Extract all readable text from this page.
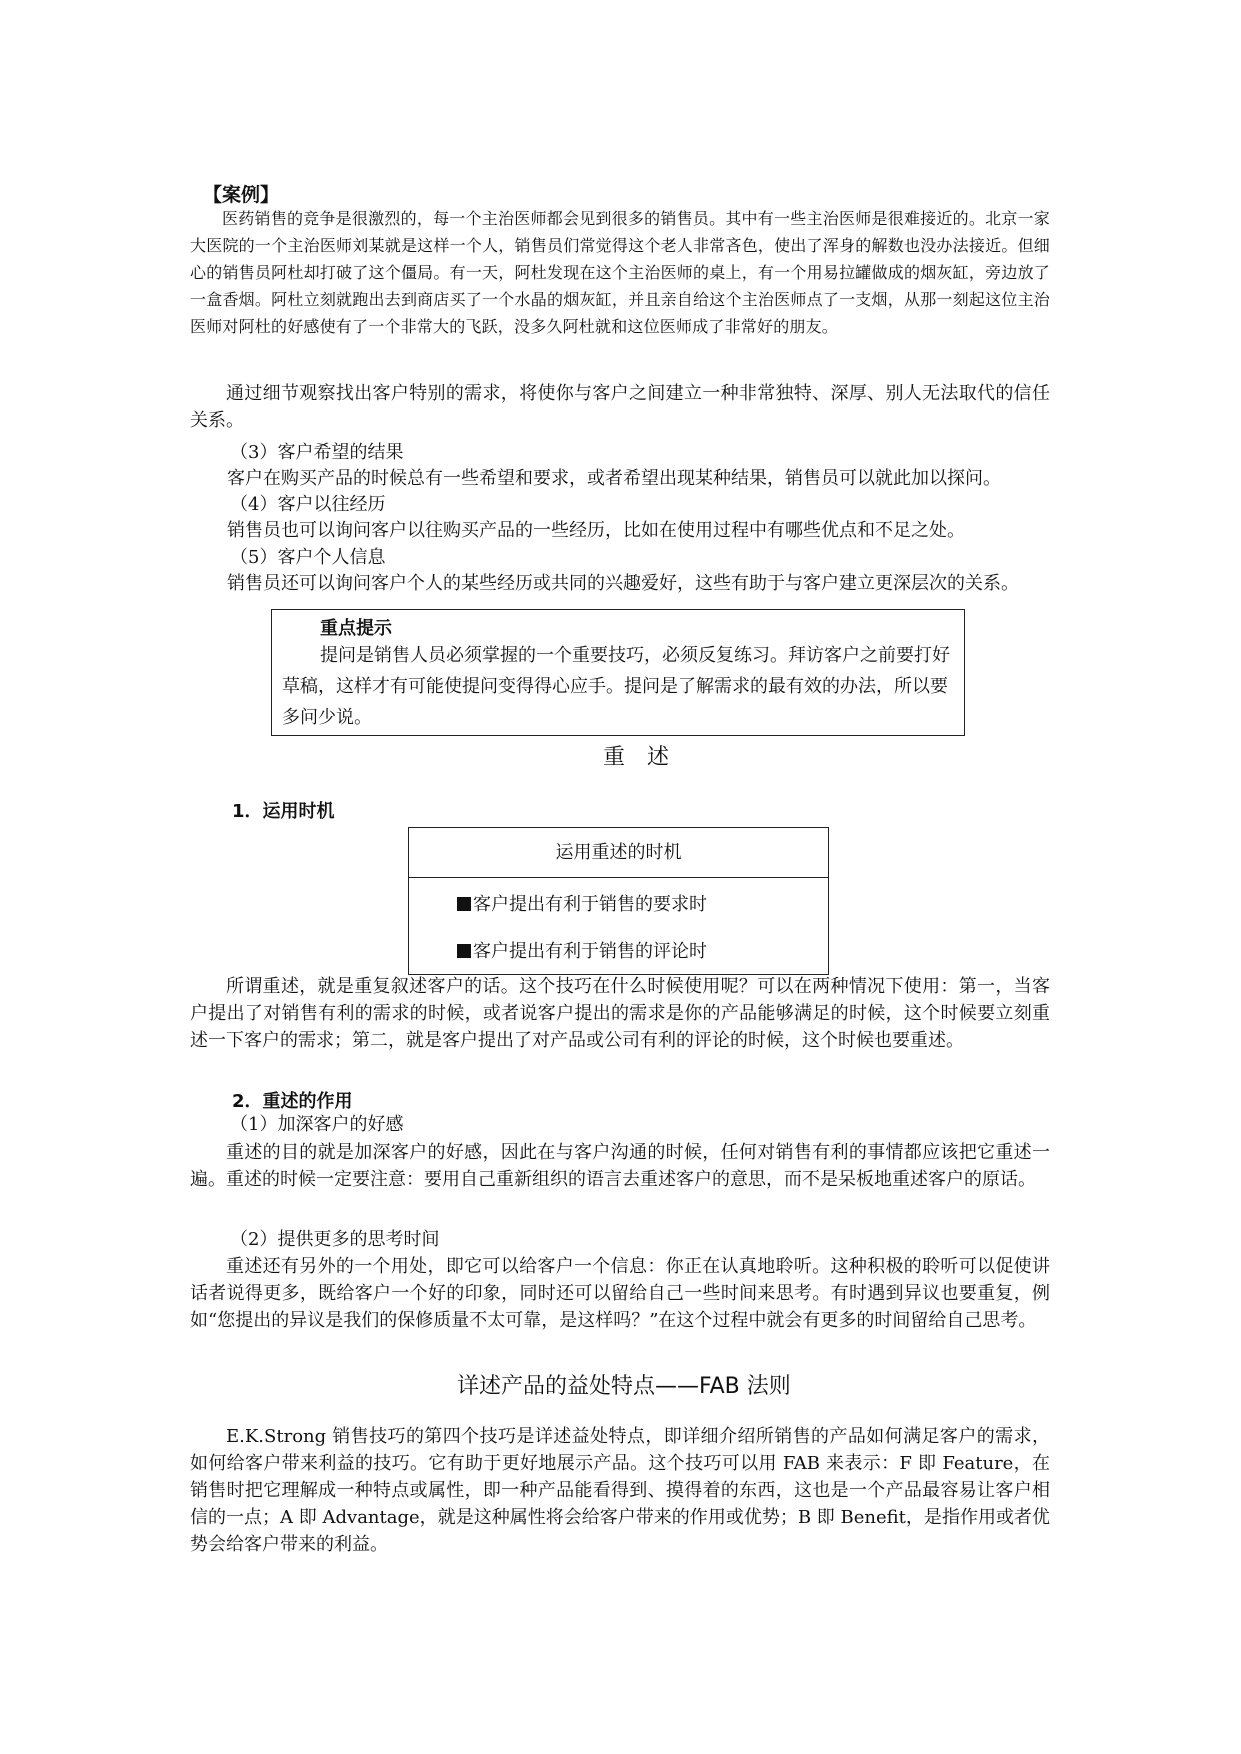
【案例】
医药销售的竞争是很激烈的，每一个主治医师都会见到很多的销售员。其中有一些主治医师是很难接近的。北京一家大医院的一个主治医师刘某就是这样一个人，销售员们常觉得这个老人非常吝色，使出了浑身的解数也没办法接近。但细心的销售员阿杜却打破了这个僵局。有一天，阿杜发现在这个主治医师的桌上，有一个用易拉罐做成的烟灰缸，旁边放了一盒香烟。阿杜立刻就跑出去到商店买了一个水晶的烟灰缸，并且亲自给这个主治医师点了一支烟，从那一刻起这位主治医师对阿杜的好感使有了一个非常大的飞跃，没多久阿杜就和这位医师成了非常好的朋友。
通过细节观察找出客户特别的需求，将使你与客户之间建立一种非常独特、深厚、别人无法取代的信任关系。
（3）客户希望的结果
客户在购买产品的时候总有一些希望和要求，或者希望出现某种结果，销售员可以就此加以探问。
（4）客户以往经历
销售员也可以询问客户以往购买产品的一些经历，比如在使用过程中有哪些优点和不足之处。
（5）客户个人信息
销售员还可以询问客户个人的某些经历或共同的兴趣爱好，这些有助于与客户建立更深层次的关系。
重点提示
提问是销售人员必须掌握的一个重要技巧，必须反复练习。拜访客户之前要打好草稿，这样才有可能使提问变得得心应手。提问是了解需求的最有效的办法，所以要多问少说。
重　述
1．运用时机
运用重述的时机
客户提出有利于销售的要求时
客户提出有利于销售的评论时
所谓重述，就是重复叙述客户的话。这个技巧在什么时候使用呢？可以在两种情况下使用：第一，当客户提出了对销售有利的需求的时候，或者说客户提出的需求是你的产品能够满足的时候，这个时候要立刻重述一下客户的需求；第二，就是客户提出了对产品或公司有利的评论的时候，这个时候也要重述。
2．重述的作用
（1）加深客户的好感
重述的目的就是加深客户的好感，因此在与客户沟通的时候，任何对销售有利的事情都应该把它重述一遍。重述的时候一定要注意：要用自己重新组织的语言去重述客户的意思，而不是呆板地重述客户的原话。
（2）提供更多的思考时间
重述还有另外的一个用处，即它可以给客户一个信息：你正在认真地聆听。这种积极的聆听可以促使讲话者说得更多，既给客户一个好的印象，同时还可以留给自己一些时间来思考。有时遇到异议也要重复，例如“您提出的异议是我们的保修质量不太可靠，是这样吗？”在这个过程中就会有更多的时间留给自己思考。
详述产品的益处特点——FAB 法则
E.K.Strong 销售技巧的第四个技巧是详述益处特点，即详细介绍所销售的产品如何满足客户的需求，如何给客户带来利益的技巧。它有助于更好地展示产品。这个技巧可以用 FAB 来表示：F 即 Feature，在销售时把它理解成一种特点或属性，即一种产品能看得到、摸得着的东西，这也是一个产品最容易让客户相信的一点；A 即 Advantage，就是这种属性将会给客户带来的作用或优势；B 即 Benefit，是指作用或者优势会给客户带来的利益。
